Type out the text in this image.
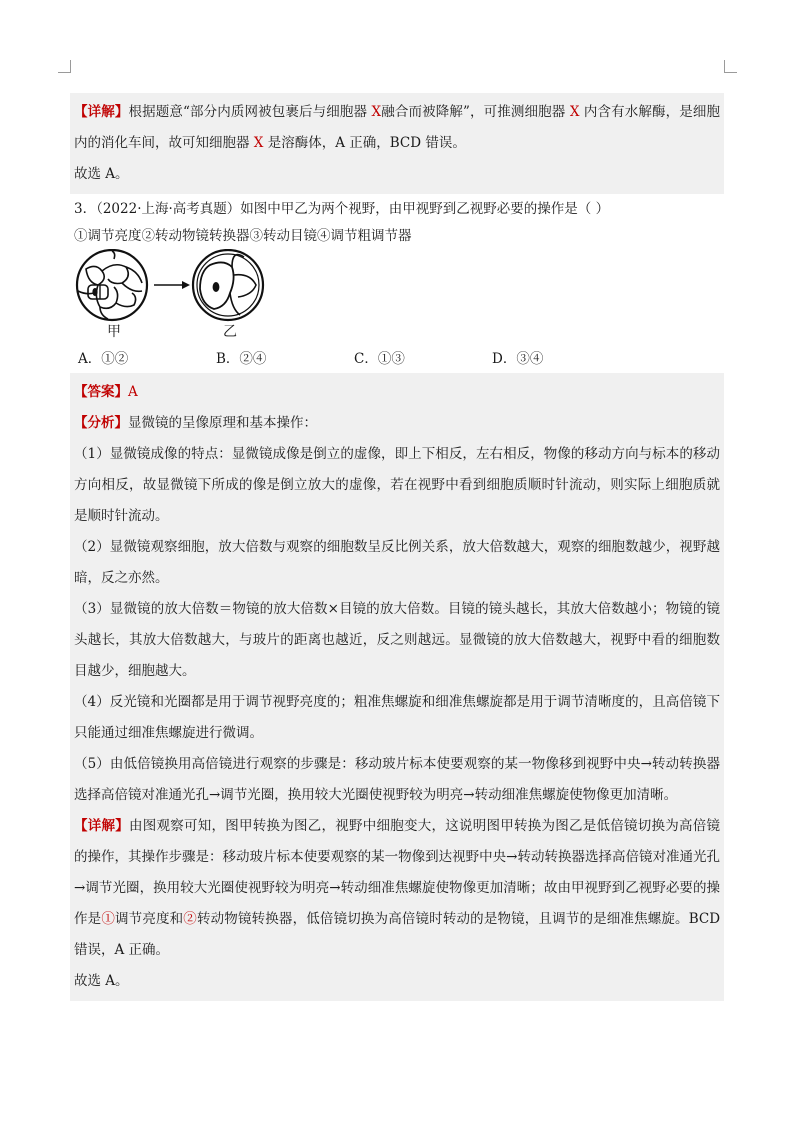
【详解】根据题意“部分内质网被包裹后与细胞器 X融合而被降解”，可推测细胞器 X 内含有水解酶，是细胞内的消化车间，故可知细胞器 X 是溶酶体，A 正确，BCD 错误。

故选 A。

3．（2022·上海·高考真题）如图中甲乙为两个视野，由甲视野到乙视野必要的操作是（ ）

①调节亮度②转动物镜转换器③转动目镜④调节粗调节器

甲	乙
A．①②	B．②④	C．①③	D．③④

【答案】A

【分析】显微镜的呈像原理和基本操作：

（1）显微镜成像的特点：显微镜成像是倒立的虚像，即上下相反，左右相反，物像的移动方向与标本的移动方向相反，故显微镜下所成的像是倒立放大的虚像，若在视野中看到细胞质顺时针流动，则实际上细胞质就是顺时针流动。

（2）显微镜观察细胞，放大倍数与观察的细胞数呈反比例关系，放大倍数越大，观察的细胞数越少，视野越暗，反之亦然。

（3）显微镜的放大倍数＝物镜的放大倍数×目镜的放大倍数。目镜的镜头越长，其放大倍数越小；物镜的镜头越长，其放大倍数越大，与玻片的距离也越近，反之则越远。显微镜的放大倍数越大，视野中看的细胞数目越少，细胞越大。

（4）反光镜和光圈都是用于调节视野亮度的；粗准焦螺旋和细准焦螺旋都是用于调节清晰度的，且高倍镜下只能通过细准焦螺旋进行微调。

（5）由低倍镜换用高倍镜进行观察的步骤是：移动玻片标本使要观察的某一物像移到视野中央→转动转换器选择高倍镜对准通光孔→调节光圈，换用较大光圈使视野较为明亮→转动细准焦螺旋使物像更加清晰。

【详解】由图观察可知，图甲转换为图乙，视野中细胞变大，这说明图甲转换为图乙是低倍镜切换为高倍镜的操作，其操作步骤是：移动玻片标本使要观察的某一物像到达视野中央→转动转换器选择高倍镜对准通光孔→调节光圈，换用较大光圈使视野较为明亮→转动细准焦螺旋使物像更加清晰；故由甲视野到乙视野必要的操作是①调节亮度和②转动物镜转换器，低倍镜切换为高倍镜时转动的是物镜，且调节的是细准焦螺旋。BCD 错误，A 正确。

故选 A。
